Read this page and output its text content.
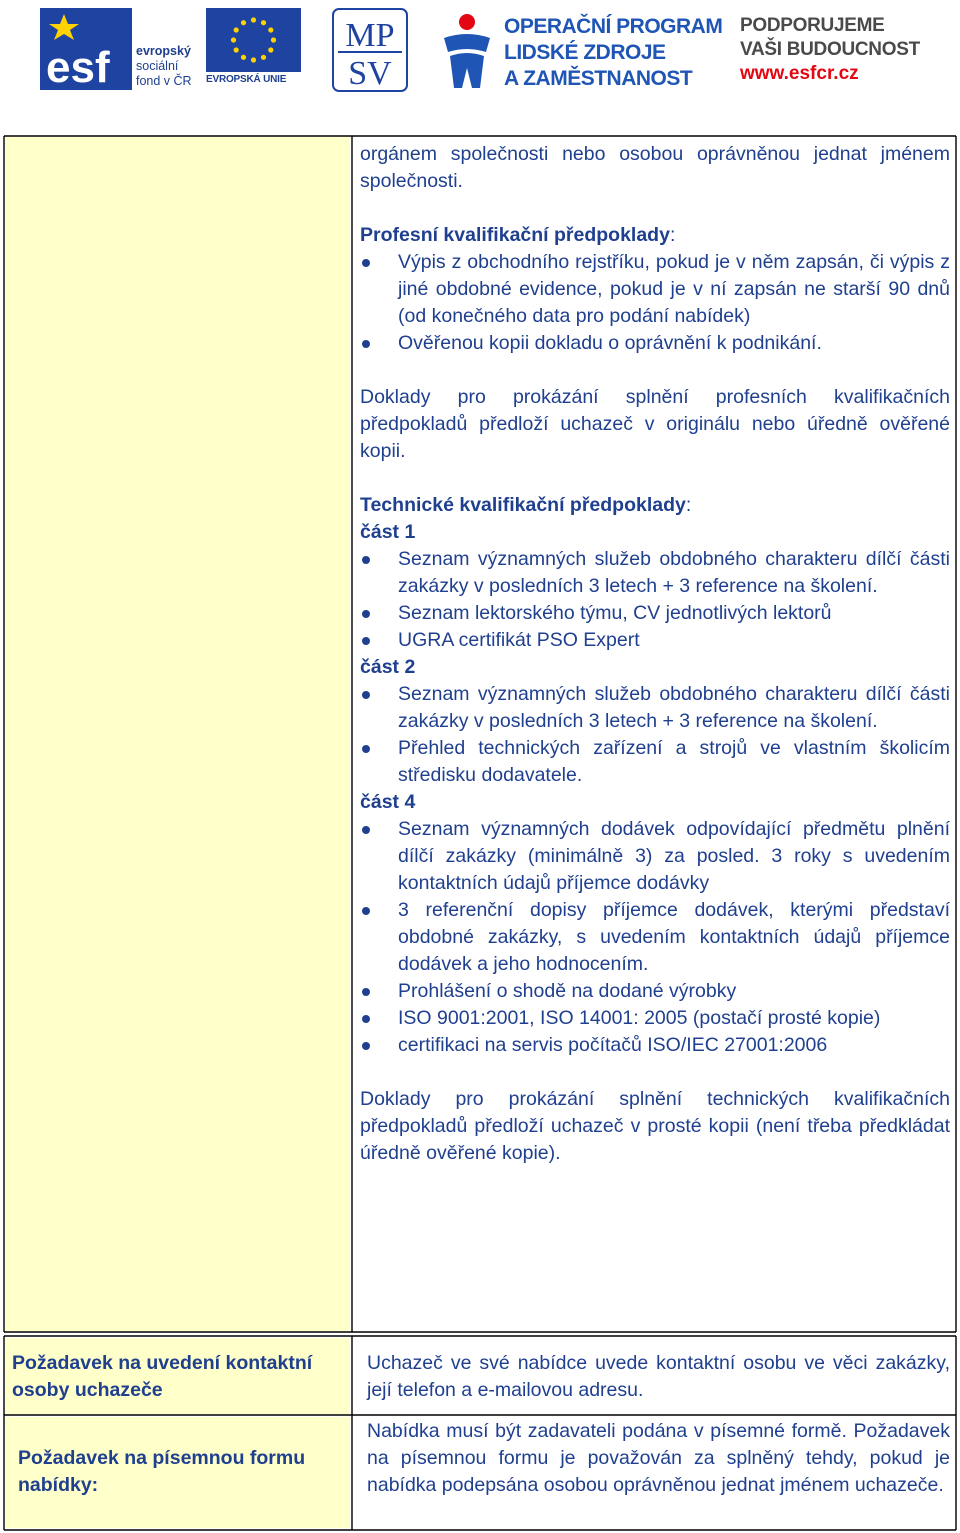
esf evropský
sociální
fond v ČR EVROPSKÁ UNIE
MP
SV
OPERAČNÍ PROGRAM
LIDSKÉ ZDROJE
A ZAMĚSTNANOST
PODPORUJEME
VAŠI BUDOUCNOST
www.esfcr.cz

orgánem společnosti nebo osobou oprávněnou jednat jménem společnosti.

Profesní kvalifikační předpoklady:
Výpis z obchodního rejstříku, pokud je v něm zapsán, či výpis z jiné obdobné evidence, pokud je v ní zapsán ne starší 90 dnů (od konečného data pro podání nabídek)
Ověřenou kopii dokladu o oprávnění k podnikání.

Doklady pro prokázání splnění profesních kvalifikačních předpokladů předloží uchazeč v originálu nebo úředně ověřené kopii.

Technické kvalifikační předpoklady:
část 1
Seznam významných služeb obdobného charakteru dílčí části zakázky v posledních 3 letech + 3 reference na školení.
Seznam lektorského týmu, CV jednotlivých lektorů
UGRA certifikát PSO Expert
část 2
Seznam významných služeb obdobného charakteru dílčí části zakázky v posledních 3 letech + 3 reference na školení.
Přehled technických zařízení a strojů ve vlastním školicím středisku dodavatele.
část 4
Seznam významných dodávek odpovídající předmětu plnění dílčí zakázky (minimálně 3) za posled. 3 roky s uvedením kontaktních údajů příjemce dodávky
3 referenční dopisy příjemce dodávek, kterými představí obdobné zakázky, s uvedením kontaktních údajů příjemce dodávek a jeho hodnocením.
Prohlášení o shodě na dodané výrobky
ISO 9001:2001, ISO 14001: 2005 (postačí prosté kopie)
certifikaci na servis počítačů ISO/IEC 27001:2006

Doklady pro prokázání splnění technických kvalifikačních předpokladů předloží uchazeč v prosté kopii (není třeba předkládat úředně ověřené kopie).

Požadavek na uvedení kontaktní osoby uchazeče
Uchazeč ve své nabídce uvede kontaktní osobu ve věci zakázky, její telefon a e-mailovou adresu.
Požadavek na písemnou formu nabídky:
Nabídka musí být zadavateli podána v písemné formě. Požadavek na písemnou formu je považován za splněný tehdy, pokud je nabídka podepsána osobou oprávněnou jednat jménem uchazeče.
